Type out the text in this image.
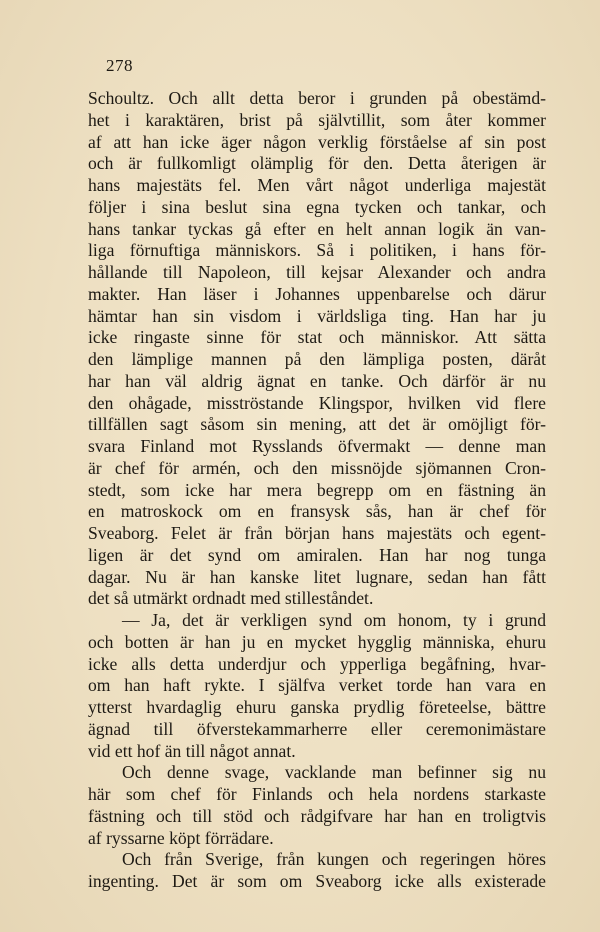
278
Schoultz. Och allt detta beror i grunden på obestämd-
het i karaktären, brist på självtillit, som åter kommer
af att han icke äger någon verklig förståelse af sin post
och är fullkomligt olämplig för den. Detta återigen är
hans majestäts fel. Men vårt något underliga majestät
följer i sina beslut sina egna tycken och tankar, och
hans tankar tyckas gå efter en helt annan logik än van-
liga förnuftiga människors. Så i politiken, i hans för-
hållande till Napoleon, till kejsar Alexander och andra
makter. Han läser i Johannes uppenbarelse och därur
hämtar han sin visdom i världsliga ting. Han har ju
icke ringaste sinne för stat och människor. Att sätta
den lämplige mannen på den lämpliga posten, däråt
har han väl aldrig ägnat en tanke. Och därför är nu
den ohågade, misströstande Klingspor, hvilken vid flere
tillfällen sagt såsom sin mening, att det är omöjligt för-
svara Finland mot Rysslands öfvermakt — denne man
är chef för armén, och den missnöjde sjömannen Cron-
stedt, som icke har mera begrepp om en fästning än
en matroskock om en fransysk sås, han är chef för
Sveaborg. Felet är från början hans majestäts och egent-
ligen är det synd om amiralen. Han har nog tunga
dagar. Nu är han kanske litet lugnare, sedan han fått
det så utmärkt ordnadt med stilleståndet.
— Ja, det är verkligen synd om honom, ty i grund
och botten är han ju en mycket hygglig människa, ehuru
icke alls detta underdjur och ypperliga begåfning, hvar-
om han haft rykte. I själfva verket torde han vara en
ytterst hvardaglig ehuru ganska prydlig företeelse, bättre
ägnad till öfverstekammarherre eller ceremonimästare
vid ett hof än till något annat.
Och denne svage, vacklande man befinner sig nu
här som chef för Finlands och hela nordens starkaste
fästning och till stöd och rådgifvare har han en troligtvis
af ryssarne köpt förrädare.
Och från Sverige, från kungen och regeringen höres
ingenting. Det är som om Sveaborg icke alls existerade
